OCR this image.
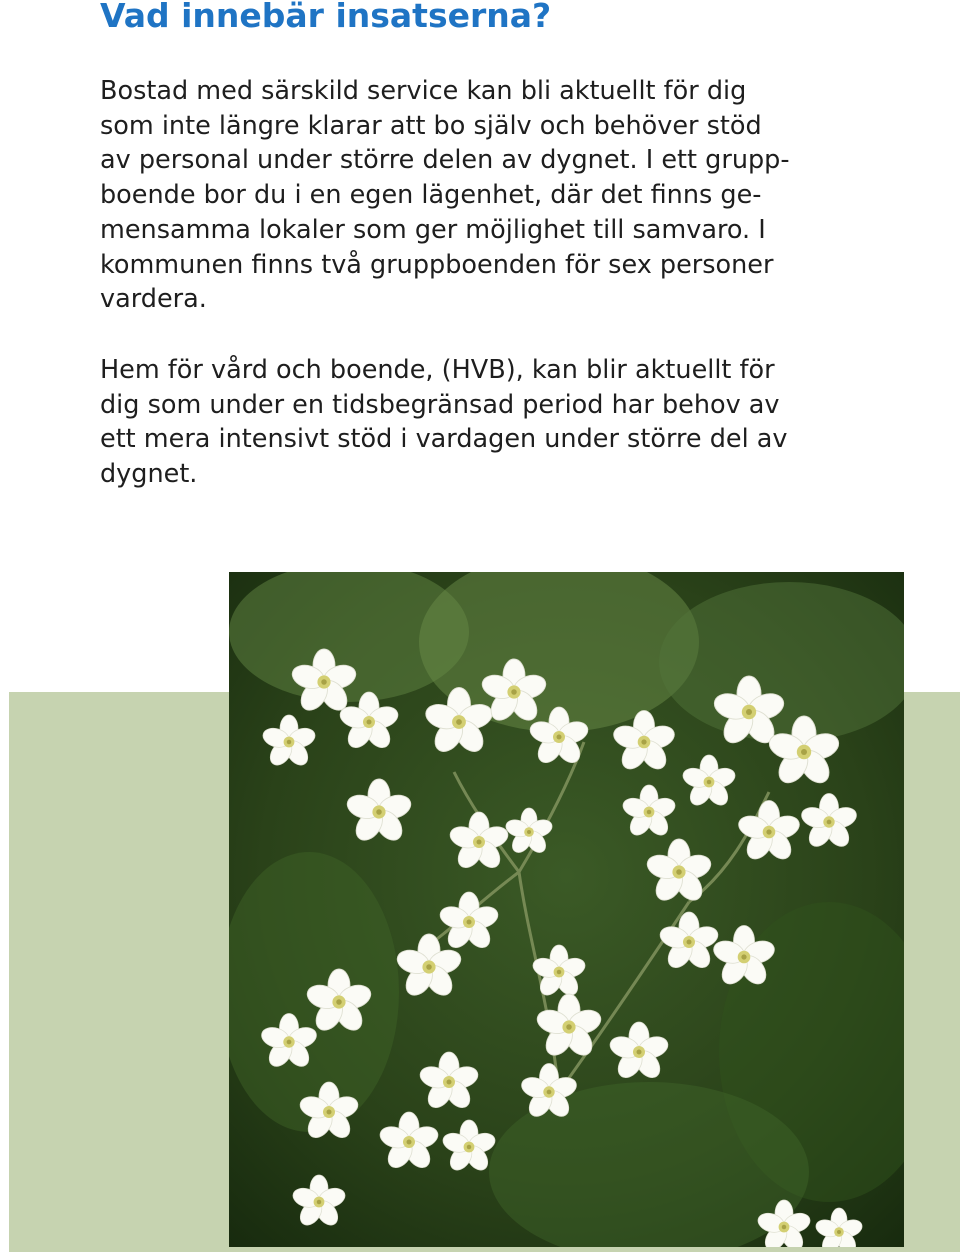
Vad innebär insatserna?

Bostad med särskild service kan bli aktuellt för dig
som inte längre klarar att bo själv och behöver stöd
av personal under större delen av dygnet. I ett grupp-
boende bor du i en egen lägenhet, där det finns ge-
mensamma lokaler som ger möjlighet till samvaro. I
kommunen finns två gruppboenden för sex personer
vardera.

Hem för vård och boende, (HVB), kan blir aktuellt för
dig som under en tidsbegränsad period har behov av
ett mera intensivt stöd i vardagen under större del av
dygnet.
